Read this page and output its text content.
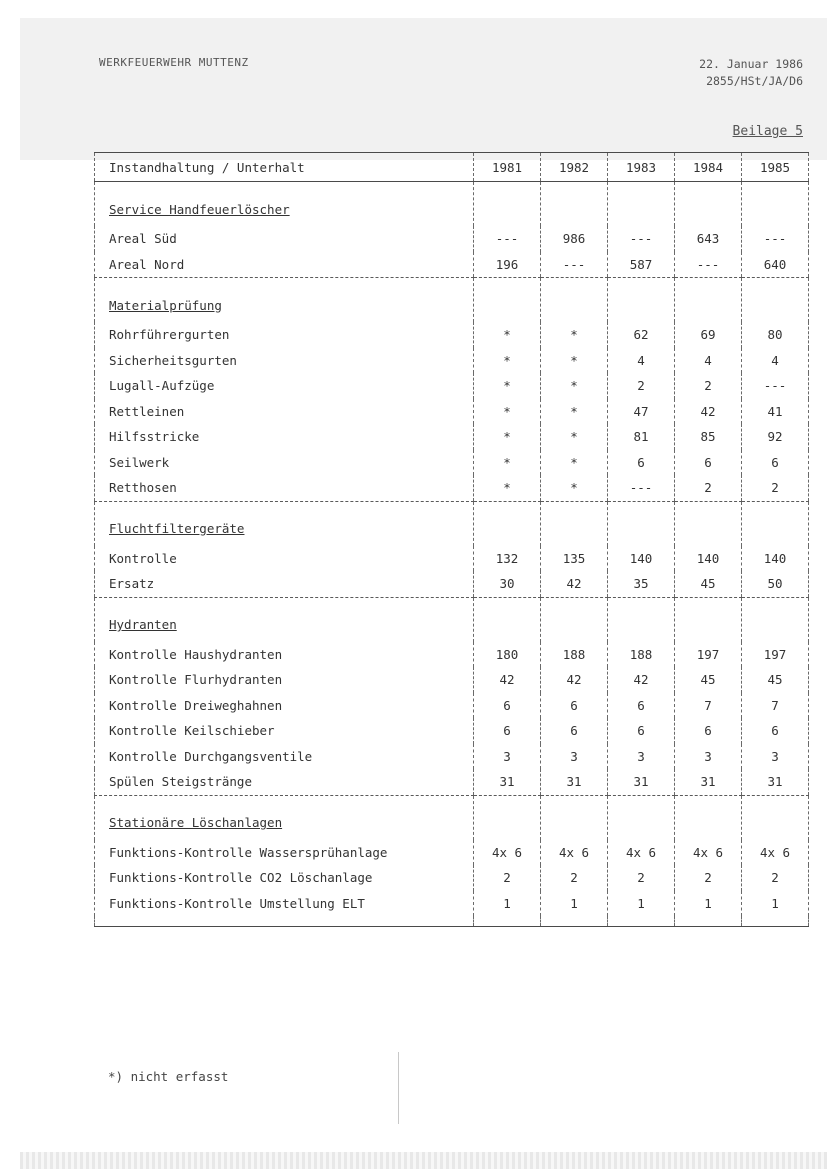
WERKFEUERWEHR MUTTENZ	22. Januar 1986
2855/HSt/JA/D6
Beilage 5
Instandhaltung / Unterhalt	1981	1982	1983	1984	1985
Service Handfeuerlöscher					
Areal Süd	---	986	---	643	---
Areal Nord	196	---	587	---	640

Materialprüfung					
Rohrführergurten	*	*	62	69	80
Sicherheitsgurten	*	*	4	4	4
Lugall-Aufzüge	*	*	2	2	---
Rettleinen	*	*	47	42	41
Hilfsstricke	*	*	81	85	92
Seilwerk	*	*	6	6	6
Retthosen	*	*	---	2	2

Fluchtfiltergeräte					
Kontrolle	132	135	140	140	140
Ersatz	30	42	35	45	50

Hydranten					
Kontrolle Haushydranten	180	188	188	197	197
Kontrolle Flurhydranten	42	42	42	45	45
Kontrolle Dreiweghahnen	6	6	6	7	7
Kontrolle Keilschieber	6	6	6	6	6
Kontrolle Durchgangsventile	3	3	3	3	3
Spülen Steigstränge	31	31	31	31	31

Stationäre Löschanlagen					
Funktions-Kontrolle Wassersprühanlage	4x 6	4x 6	4x 6	4x 6	4x 6
Funktions-Kontrolle CO2 Löschanlage	2	2	2	2	2
Funktions-Kontrolle Umstellung ELT	1	1	1	1	1

*) nicht erfasst
